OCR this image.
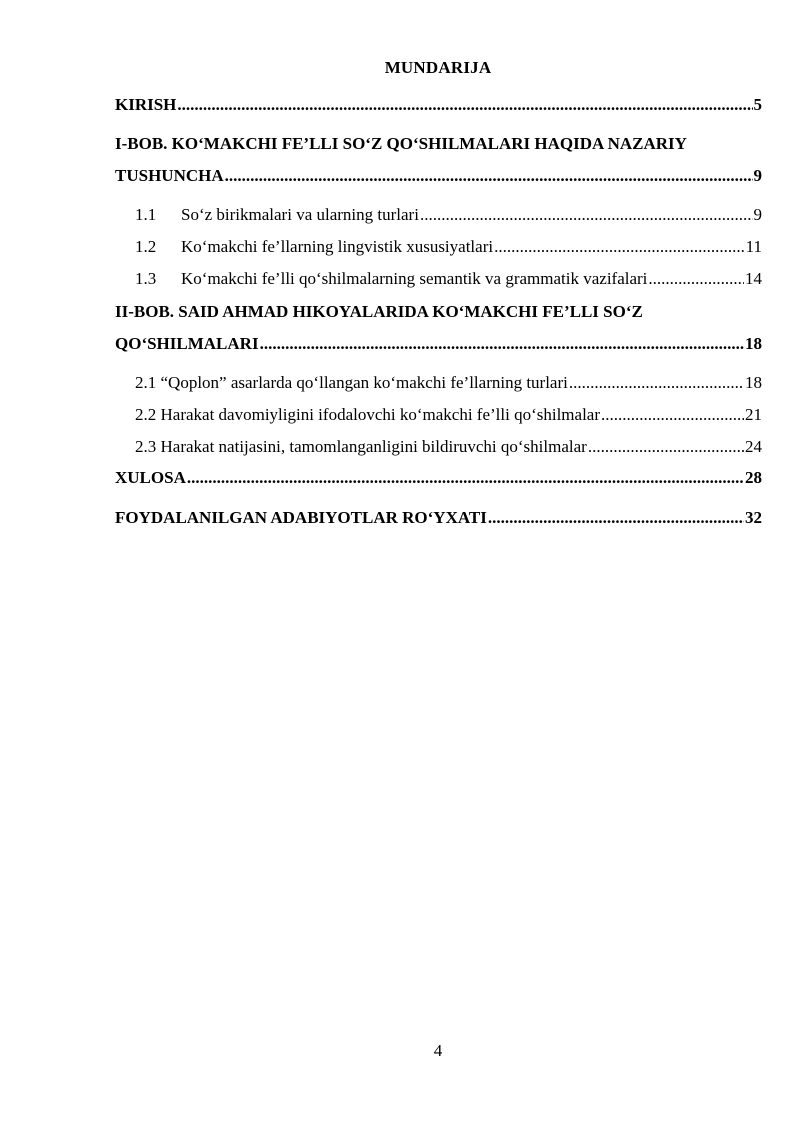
MUNDARIJA
KIRISH .....	5
I-BOB. KO‘MAKCHI FE’LLI SO‘Z QO‘SHILMALARI HAQIDA NAZARIY
TUSHUNCHA .....	9
1.1 So‘z birikmalari va ularning turlari .....	9
1.2 Ko‘makchi fe’llarning lingvistik xususiyatlari .....	11
1.3 Ko‘makchi fe’lli qo‘shilmalarning semantik va grammatik vazifalari .....	14
II-BOB. SAID AHMAD HIKOYALARIDA KO‘MAKCHI FE’LLI SO‘Z
QO‘SHILMALARI .....	18
2.1 “Qoplon” asarlarda qo‘llangan ko‘makchi fe’llarning turlari .....	18
2.2 Harakat davomiyligini ifodalovchi ko‘makchi fe’lli qo‘shilmalar .....	21
2.3 Harakat natijasini, tamomlanganligini bildiruvchi qo‘shilmalar .....	24
XULOSA .....	28
FOYDALANILGAN ADABIYOTLAR RO‘YXATI .....	32
4
